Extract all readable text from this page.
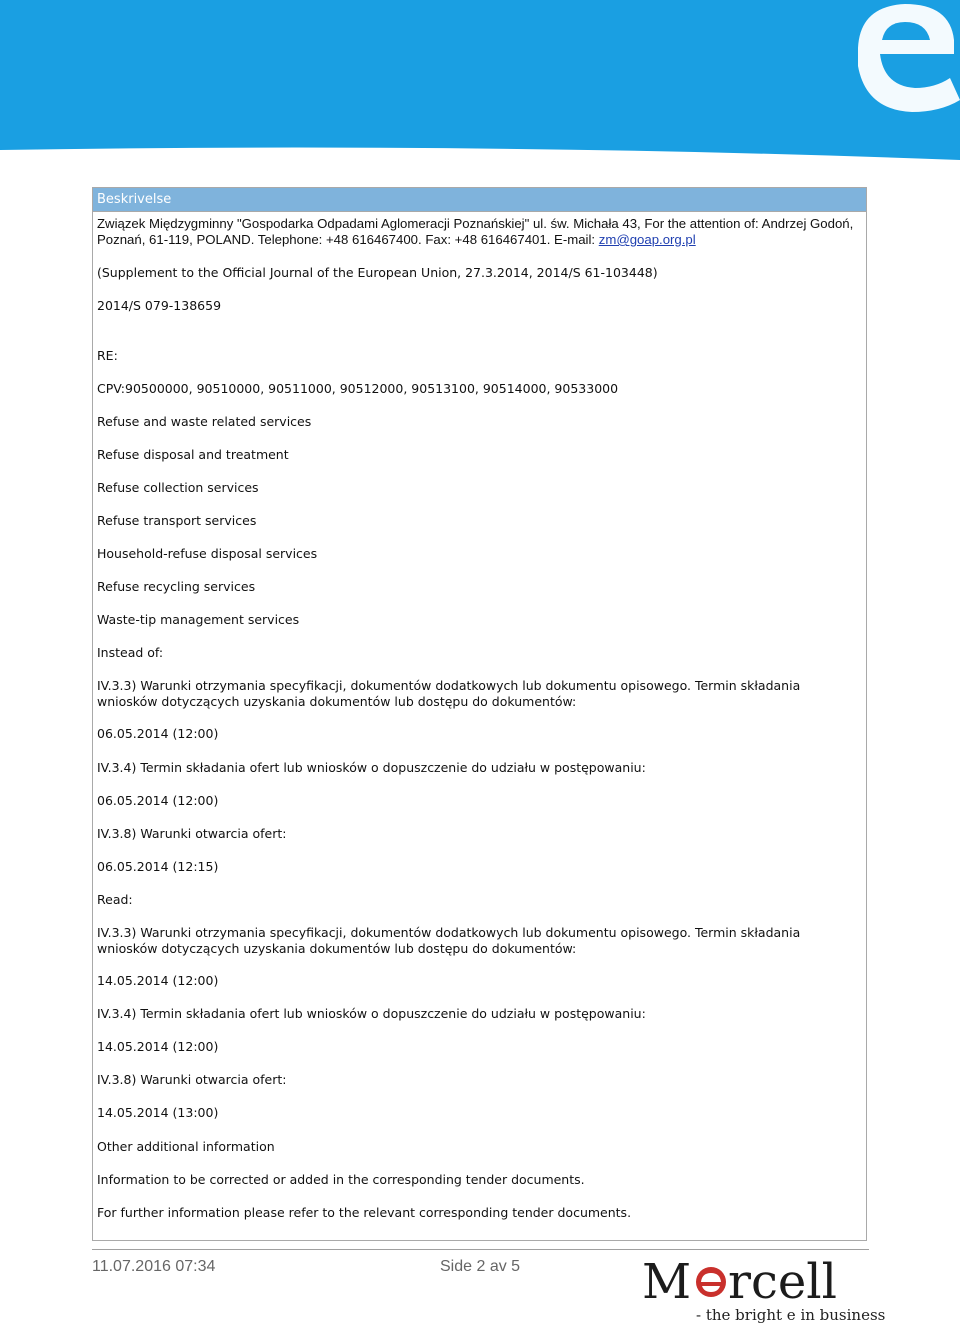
Beskrivelse
Związek Międzygminny "Gospodarka Odpadami Aglomeracji Poznańskiej" ul. św. Michała 43, For the attention of: Andrzej Godoń,
Poznań, 61-119, POLAND. Telephone: +48 616467400. Fax: +48 616467401. E-mail: zm@goap.org.pl
(Supplement to the Official Journal of the European Union, 27.3.2014, 2014/S 61-103448)
2014/S 079-138659
RE:
CPV:90500000, 90510000, 90511000, 90512000, 90513100, 90514000, 90533000
Refuse and waste related services
Refuse disposal and treatment
Refuse collection services
Refuse transport services
Household-refuse disposal services
Refuse recycling services
Waste-tip management services
Instead of:
IV.3.3) Warunki otrzymania specyfikacji, dokumentów dodatkowych lub dokumentu opisowego. Termin składania wniosków dotyczących uzyskania dokumentów lub dostępu do dokumentów:
06.05.2014 (12:00)
IV.3.4) Termin składania ofert lub wniosków o dopuszczenie do udziału w postępowaniu:
06.05.2014 (12:00)
IV.3.8) Warunki otwarcia ofert:
06.05.2014 (12:15)
Read:
IV.3.3) Warunki otrzymania specyfikacji, dokumentów dodatkowych lub dokumentu opisowego. Termin składania wniosków dotyczących uzyskania dokumentów lub dostępu do dokumentów:
14.05.2014 (12:00)
IV.3.4) Termin składania ofert lub wniosków o dopuszczenie do udziału w postępowaniu:
14.05.2014 (12:00)
IV.3.8) Warunki otwarcia ofert:
14.05.2014 (13:00)
Other additional information
Information to be corrected or added in the corresponding tender documents.
For further information please refer to the relevant corresponding tender documents.
11.07.2016 07:34	Side 2 av 5	M rcell
- the bright e in business
